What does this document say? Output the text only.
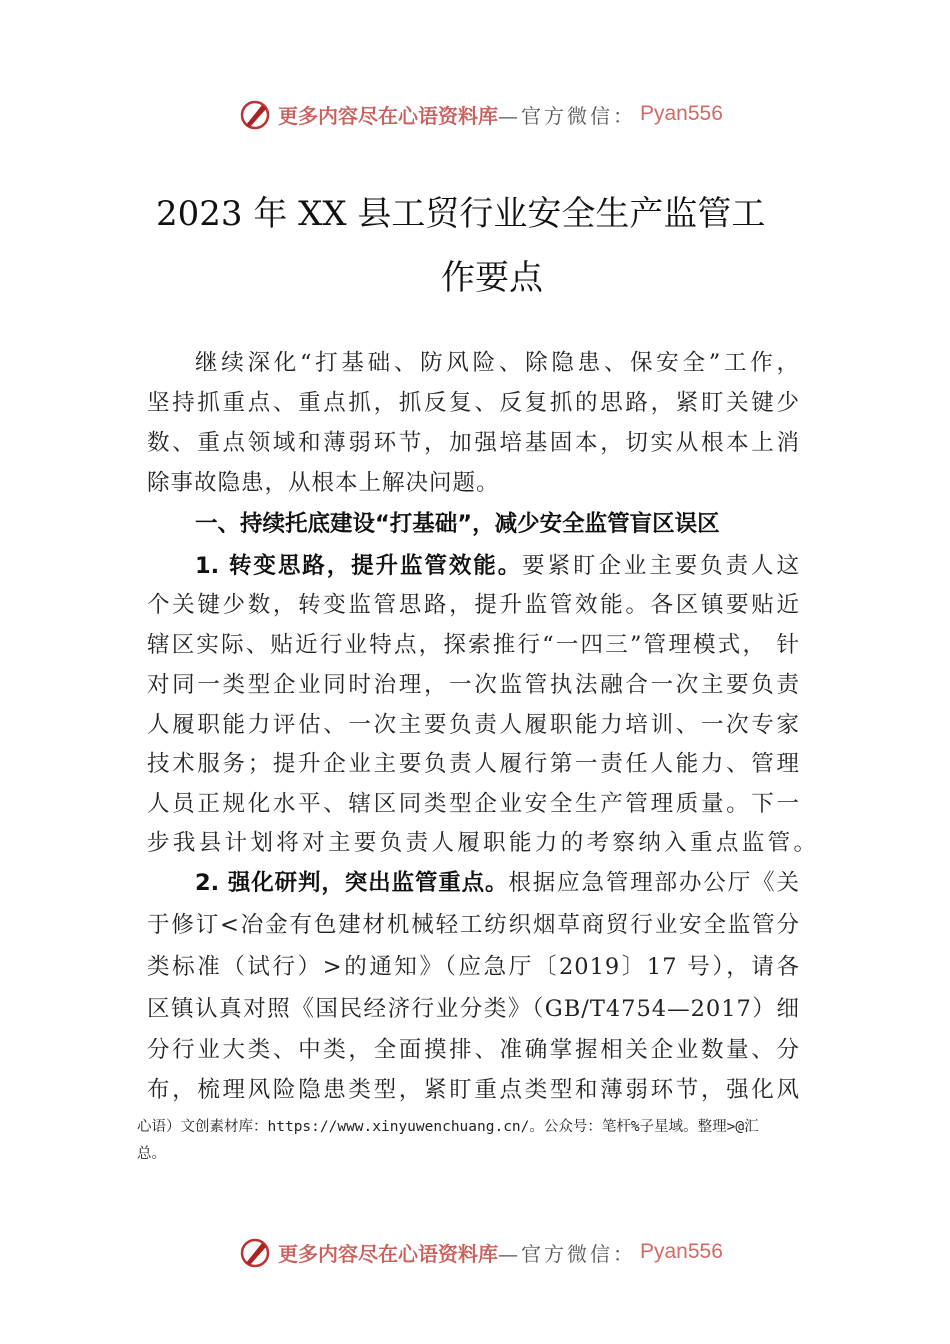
更多内容尽在心语资料库 —官方微信： Pyan556
2023 年 XX 县工贸行业安全生产监管工
作要点
继续深化“打基础、防风险、除隐患、保安全”工作，
坚持抓重点、重点抓，抓反复、反复抓的思路，紧盯关键少
数、重点领域和薄弱环节，加强培基固本，切实从根本上消
除事故隐患，从根本上解决问题。
一、持续托底建设“打基础”，减少安全监管盲区误区
1. 转变思路，提升监管效能。要紧盯企业主要负责人这
个关键少数，转变监管思路，提升监管效能。各区镇要贴近
辖区实际、贴近行业特点，探索推行“一四三”管理模式， 针
对同一类型企业同时治理，一次监管执法融合一次主要负责
人履职能力评估、一次主要负责人履职能力培训、一次专家
技术服务；提升企业主要负责人履行第一责任人能力、管理
人员正规化水平、辖区同类型企业安全生产管理质量。下一
步我县计划将对主要负责人履职能力的考察纳入重点监管。
2. 强化研判，突出监管重点。根据应急管理部办公厅《关
于修订<冶金有色建材机械轻工纺织烟草商贸行业安全监管分
类标准（试行）>的通知》（应急厅〔2019〕17 号），请各
区镇认真对照《国民经济行业分类》（GB/T4754—2017）细
分行业大类、中类，全面摸排、准确掌握相关企业数量、分
布，梳理风险隐患类型，紧盯重点类型和薄弱环节，强化风
心语）文创素材库：https://www.xinyuwenchuang.cn/。公众号：笔杆%子星域。整理>@汇
总。
更多内容尽在心语资料库 —官方微信： Pyan556
